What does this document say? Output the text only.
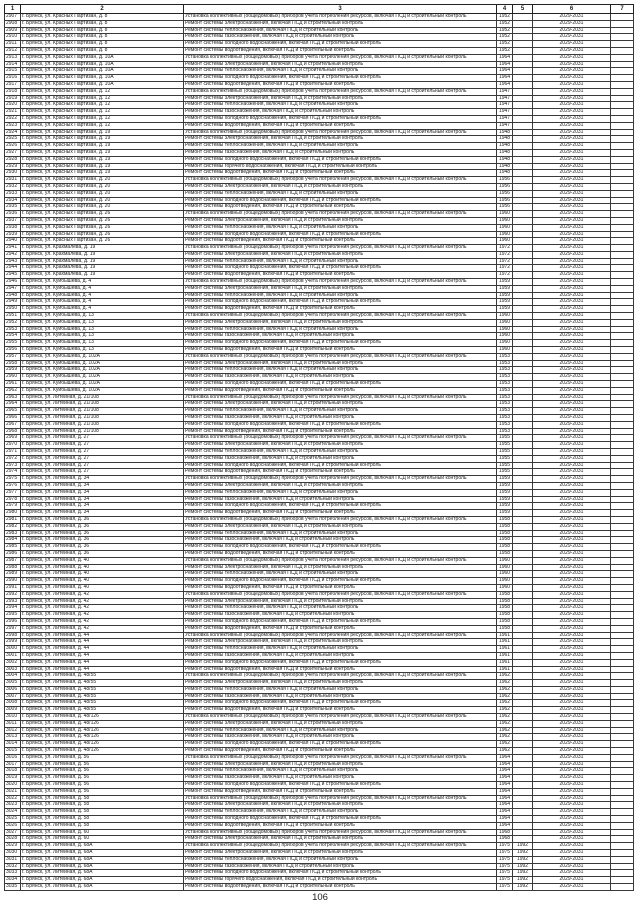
1	2	3	4	5	6	7
2907 г. Брянск, ул. Красных Партизан, д. 8	Установка коллективных (общедомовых) приборов учета потребления ресурсов, включая ПСД и строительный контроль	1952	2029-2031
2908 г. Брянск, ул. Красных Партизан, д. 8	Ремонт системы электроснабжения, включая ПСД и строительный контроль	1952	2029-2031
2909 г. Брянск, ул. Красных Партизан, д. 8	Ремонт системы теплоснабжения, включая ПСД и строительный контроль	1952	2029-2031
2910 г. Брянск, ул. Красных Партизан, д. 8	Ремонт системы газоснабжения, включая ПСД и строительный контроль	1952	2029-2031
2911	г. Брянск, ул. Красных Партизан, д. 8	Ремонт системы холодного водоснабжения, включая ПСД и строительный контроль	1952	2029-2031
2912 г. Брянск, ул. Красных Партизан, д. 8	Ремонт системы водоотведения, включая ПСД и строительный контроль	1952	2029-2031
2913 г. Брянск, ул. Красных Партизан, д. 10А	Установка коллективных (общедомовых) приборов учета потребления ресурсов, включая ПСД и строительный контроль	1964	2029-2031
2914 г. Брянск, ул. Красных Партизан, д. 10А	Ремонт системы электроснабжения, включая ПСД и строительный контроль	1964	2029-2031
2915 г. Брянск, ул. Красных Партизан, д. 10А	Ремонт системы теплоснабжения, включая ПСД и строительный контроль	1964	2029-2031
2916 г. Брянск, ул. Красных Партизан, д. 10А	Ремонт системы холодного водоснабжения, включая ПСД и строительный контроль	1964	2029-2031
2917 г. Брянск, ул. Красных Партизан, д. 10А	Ремонт системы водоотведения, включая ПСД и строительный контроль	1964	2029-2031
2918 г. Брянск, ул. Красных Партизан, д. 12	Установка коллективных (общедомовых) приборов учета потребления ресурсов, включая ПСД и строительный контроль	1947	2029-2031
2919 г. Брянск, ул. Красных Партизан, д. 12	Ремонт системы электроснабжения, включая ПСД и строительный контроль	1947	2029-2031
2920 г. Брянск, ул. Красных Партизан, д. 12	Ремонт системы теплоснабжения, включая ПСД и строительный контроль	1947	2029-2031
2921 г. Брянск, ул. Красных Партизан, д. 12	Ремонт системы газоснабжения, включая ПСД и строительный контроль	1947	2029-2031
2922 г. Брянск, ул. Красных Партизан, д. 12	Ремонт системы холодного водоснабжения, включая ПСД и строительный контроль	1947	2029-2031
2923 г. Брянск, ул. Красных Партизан, д. 12	Ремонт системы водоотведения, включая ПСД и строительный контроль	1947	2029-2031
2924 г. Брянск, ул. Красных Партизан, д. 19	Установка коллективных (общедомовых) приборов учета потребления ресурсов, включая ПСД и строительный контроль	1948	2029-2031
2925 г. Брянск, ул. Красных Партизан, д. 19	Ремонт системы электроснабжения, включая ПСД и строительный контроль	1948	2029-2031
2926 г. Брянск, ул. Красных Партизан, д. 19	Ремонт системы теплоснабжения, включая ПСД и строительный контроль	1948	2029-2031
2927 г. Брянск, ул. Красных Партизан, д. 19	Ремонт системы газоснабжения, включая ПСД и строительный контроль	1948	2029-2031
2928 г. Брянск, ул. Красных Партизан, д. 19	Ремонт системы холодного водоснабжения, включая ПСД и строительный контроль	1948	2029-2031
2929 г. Брянск, ул. Красных Партизан, д. 19	Ремонт системы горячего водоснабжения, включая ПСД и строительный контроль	1948	2029-2031
2930 г. Брянск, ул. Красных Партизан, д. 19	Ремонт системы водоотведения, включая ПСД и строительный контроль	1948	2029-2031
2931 г. Брянск, ул. Красных Партизан, д. 20	Установка коллективных (общедомовых) приборов учета потребления ресурсов, включая ПСД и строительный контроль	1956	2029-2031
2932 г. Брянск, ул. Красных Партизан, д. 20	Ремонт системы электроснабжения, включая ПСД и строительный контроль	1956	2029-2031
2933 г. Брянск, ул. Красных Партизан, д. 20	Ремонт системы теплоснабжения, включая ПСД и строительный контроль	1956	2029-2031
2934 г. Брянск, ул. Красных Партизан, д. 20	Ремонт системы холодного водоснабжения, включая ПСД и строительный контроль	1956	2029-2031
2935 г. Брянск, ул. Красных Партизан, д. 20	Ремонт системы водоотведения, включая ПСД и строительный контроль	1956	2029-2031
2936 г. Брянск, ул. Красных Партизан, д. 26	Установка коллективных (общедомовых) приборов учета потребления ресурсов, включая ПСД и строительный контроль	1960	2029-2031
2937 г. Брянск, ул. Красных Партизан, д. 26	Ремонт системы электроснабжения, включая ПСД и строительный контроль	1960	2029-2031
2938 г. Брянск, ул. Красных Партизан, д. 26	Ремонт системы теплоснабжения, включая ПСД и строительный контроль	1960	2029-2031
2939 г. Брянск, ул. Красных Партизан, д. 26	Ремонт системы холодного водоснабжения, включая ПСД и строительный контроль	1960	2029-2031
2940 г. Брянск, ул. Красных Партизан, д. 26	Ремонт системы водоотведения, включая ПСД и строительный контроль	1960	2029-2031
2941 г. Брянск, ул. Крахмалева, д. 19	Установка коллективных (общедомовых) приборов учета потребления ресурсов, включая ПСД и строительный контроль	1972	2029-2031
2942 г. Брянск, ул. Крахмалева, д. 19	Ремонт системы электроснабжения, включая ПСД и строительный контроль	1972	2029-2031
2943 г. Брянск, ул. Крахмалева, д. 19	Ремонт системы теплоснабжения, включая ПСД и строительный контроль	1972	2029-2031
2944 г. Брянск, ул. Крахмалева, д. 19	Ремонт системы холодного водоснабжения, включая ПСД и строительный контроль	1972	2029-2031
2945 г. Брянск, ул. Крахмалева, д. 19	Ремонт системы водоотведения, включая ПСД и строительный контроль	1972	2029-2031
2946 г. Брянск, ул. Куйбышева, д. 4	Установка коллективных (общедомовых) приборов учета потребления ресурсов, включая ПСД и строительный контроль	1959	2029-2031
2947 г. Брянск, ул. Куйбышева, д. 4	Ремонт системы электроснабжения, включая ПСД и строительный контроль	1959	2029-2031
2948 г. Брянск, ул. Куйбышева, д. 4	Ремонт системы теплоснабжения, включая ПСД и строительный контроль	1959	2029-2031
2949 г. Брянск, ул. Куйбышева, д. 4	Ремонт системы холодного водоснабжения, включая ПСД и строительный контроль	1959	2029-2031
2950 г. Брянск, ул. Куйбышева, д. 4	Ремонт системы водоотведения, включая ПСД и строительный контроль	1959	2029-2031
2951 г. Брянск, ул. Куйбышева, д. 13	Установка коллективных (общедомовых) приборов учета потребления ресурсов, включая ПСД и строительный контроль	1960	2029-2031
2952 г. Брянск, ул. Куйбышева, д. 13	Ремонт системы электроснабжения, включая ПСД и строительный контроль	1960	2029-2031
2953 г. Брянск, ул. Куйбышева, д. 13	Ремонт системы теплоснабжения, включая ПСД и строительный контроль	1960	2029-2031
2954 г. Брянск, ул. Куйбышева, д. 13	Ремонт системы газоснабжения, включая ПСД и строительный контроль	1960	2029-2031
2955 г. Брянск, ул. Куйбышева, д. 13	Ремонт системы холодного водоснабжения, включая ПСД и строительный контроль	1960	2029-2031
2956 г. Брянск, ул. Куйбышева, д. 13	Ремонт системы водоотведения, включая ПСД и строительный контроль	1960	2029-2031
2957 г. Брянск, ул. Куйбышева, д. 102А	Установка коллективных (общедомовых) приборов учета потребления ресурсов, включая ПСД и строительный контроль	1953	2029-2031
2958 г. Брянск, ул. Куйбышева, д. 102А	Ремонт системы электроснабжения, включая ПСД и строительный контроль	1953	2029-2031
2959 г. Брянск, ул. Куйбышева, д. 102А	Ремонт системы теплоснабжения, включая ПСД и строительный контроль	1953	2029-2031
2960 г. Брянск, ул. Куйбышева, д. 102А	Ремонт системы газоснабжения, включая ПСД и строительный контроль	1953	2029-2031
2961 г. Брянск, ул. Куйбышева, д. 102А	Ремонт системы холодного водоснабжения, включая ПСД и строительный контроль	1953	2029-2031
2962 г. Брянск, ул. Куйбышева, д. 102А	Ремонт системы водоотведения, включая ПСД и строительный контроль	1953	2029-2031
2963 г. Брянск, ул. Литейная, д. 21/108	Установка коллективных (общедомовых) приборов учета потребления ресурсов, включая ПСД и строительный контроль	1953	2029-2031
2964 г. Брянск, ул. Литейная, д. 21/108	Ремонт системы электроснабжения, включая ПСД и строительный контроль	1953	2029-2031
2965 г. Брянск, ул. Литейная, д. 21/108	Ремонт системы теплоснабжения, включая ПСД и строительный контроль	1953	2029-2031
2966 г. Брянск, ул. Литейная, д. 21/108	Ремонт системы газоснабжения, включая ПСД и строительный контроль	1953	2029-2031
2967 г. Брянск, ул. Литейная, д. 21/108	Ремонт системы холодного водоснабжения, включая ПСД и строительный контроль	1953	2029-2031
2968 г. Брянск, ул. Литейная, д. 21/108	Ремонт системы водоотведения, включая ПСД и строительный контроль	1953	2029-2031
2969 г. Брянск, ул. Литейная, д. 27	Установка коллективных (общедомовых) приборов учета потребления ресурсов, включая ПСД и строительный контроль	1955	2029-2031
2970 г. Брянск, ул. Литейная, д. 27	Ремонт системы электроснабжения, включая ПСД и строительный контроль	1955	2029-2031
2971 г. Брянск, ул. Литейная, д. 27	Ремонт системы теплоснабжения, включая ПСД и строительный контроль	1955	2029-2031
2972 г. Брянск, ул. Литейная, д. 27	Ремонт системы газоснабжения, включая ПСД и строительный контроль	1955	2029-2031
2973 г. Брянск, ул. Литейная, д. 27	Ремонт системы холодного водоснабжения, включая ПСД и строительный контроль	1955	2029-2031
2974 г. Брянск, ул. Литейная, д. 27	Ремонт системы водоотведения, включая ПСД и строительный контроль	1955	2029-2031
2975 г. Брянск, ул. Литейная, д. 34	Установка коллективных (общедомовых) приборов учета потребления ресурсов, включая ПСД и строительный контроль	1959	2029-2031
2976 г. Брянск, ул. Литейная, д. 34	Ремонт системы электроснабжения, включая ПСД и строительный контроль	1959	2029-2031
2977 г. Брянск, ул. Литейная, д. 34	Ремонт системы теплоснабжения, включая ПСД и строительный контроль	1959	2029-2031
2978 г. Брянск, ул. Литейная, д. 34	Ремонт системы газоснабжения, включая ПСД и строительный контроль	1959	2029-2031
2979 г. Брянск, ул. Литейная, д. 34	Ремонт системы холодного водоснабжения, включая ПСД и строительный контроль	1959	2029-2031
2980 г. Брянск, ул. Литейная, д. 34	Ремонт системы водоотведения, включая ПСД и строительный контроль	1959	2029-2031
2981 г. Брянск, ул. Литейная, д. 36	Установка коллективных (общедомовых) приборов учета потребления ресурсов, включая ПСД и строительный контроль	1958	2029-2031
2982 г. Брянск, ул. Литейная, д. 36	Ремонт системы электроснабжения, включая ПСД и строительный контроль	1958	2029-2031
2983 г. Брянск, ул. Литейная, д. 36	Ремонт системы теплоснабжения, включая ПСД и строительный контроль	1958	2029-2031
2984 г. Брянск, ул. Литейная, д. 36	Ремонт системы газоснабжения, включая ПСД и строительный контроль	1958	2029-2031
2985 г. Брянск, ул. Литейная, д. 36	Ремонт системы холодного водоснабжения, включая ПСД и строительный контроль	1958	2029-2031
2986 г. Брянск, ул. Литейная, д. 36	Ремонт системы водоотведения, включая ПСД и строительный контроль	1958	2029-2031
2987 г. Брянск, ул. Литейная, д. 40	Установка коллективных (общедомовых) приборов учета потребления ресурсов, включая ПСД и строительный контроль	1960	2029-2031
2988 г. Брянск, ул. Литейная, д. 40	Ремонт системы электроснабжения, включая ПСД и строительный контроль	1960	2029-2031
2989 г. Брянск, ул. Литейная, д. 40	Ремонт системы теплоснабжения, включая ПСД и строительный контроль	1960	2029-2031
2990 г. Брянск, ул. Литейная, д. 40	Ремонт системы холодного водоснабжения, включая ПСД и строительный контроль	1960	2029-2031
2991 г. Брянск, ул. Литейная, д. 40	Ремонт системы водоотведения, включая ПСД и строительный контроль	1960	2029-2031
2992 г. Брянск, ул. Литейная, д. 42	Установка коллективных (общедомовых) приборов учета потребления ресурсов, включая ПСД и строительный контроль	1958	2029-2031
2993 г. Брянск, ул. Литейная, д. 42	Ремонт системы электроснабжения, включая ПСД и строительный контроль	1958	2029-2031
2994 г. Брянск, ул. Литейная, д. 42	Ремонт системы теплоснабжения, включая ПСД и строительный контроль	1958	2029-2031
2995 г. Брянск, ул. Литейная, д. 42	Ремонт системы газоснабжения, включая ПСД и строительный контроль	1958	2029-2031
2996 г. Брянск, ул. Литейная, д. 42	Ремонт системы холодного водоснабжения, включая ПСД и строительный контроль	1958	2029-2031
2997 г. Брянск, ул. Литейная, д. 42	Ремонт системы водоотведения, включая ПСД и строительный контроль	1958	2029-2031
2998 г. Брянск, ул. Литейная, д. 44	Установка коллективных (общедомовых) приборов учета потребления ресурсов, включая ПСД и строительный контроль	1961	2029-2031
2999 г. Брянск, ул. Литейная, д. 44	Ремонт системы электроснабжения, включая ПСД и строительный контроль	1961	2029-2031
3000 г. Брянск, ул. Литейная, д. 44	Ремонт системы теплоснабжения, включая ПСД и строительный контроль	1961	2029-2031
3001 г. Брянск, ул. Литейная, д. 44	Ремонт системы газоснабжения, включая ПСД и строительный контроль	1961	2029-2031
3002 г. Брянск, ул. Литейная, д. 44	Ремонт системы холодного водоснабжения, включая ПСД и строительный контроль	1961	2029-2031
3003 г. Брянск, ул. Литейная, д. 44	Ремонт системы водоотведения, включая ПСД и строительный контроль	1961	2029-2031
3004 г. Брянск, ул. Литейная, д. 48/55	Установка коллективных (общедомовых) приборов учета потребления ресурсов, включая ПСД и строительный контроль	1962	2029-2031
3005 г. Брянск, ул. Литейная, д. 48/55	Ремонт системы электроснабжения, включая ПСД и строительный контроль	1962	2029-2031
3006 г. Брянск, ул. Литейная, д. 48/55	Ремонт системы теплоснабжения, включая ПСД и строительный контроль	1962	2029-2031
3007 г. Брянск, ул. Литейная, д. 48/55	Ремонт системы газоснабжения, включая ПСД и строительный контроль	1962	2029-2031
3008 г. Брянск, ул. Литейная, д. 48/55	Ремонт системы холодного водоснабжения, включая ПСД и строительный контроль	1962	2029-2031
3009 г. Брянск, ул. Литейная, д. 48/55	Ремонт системы водоотведения, включая ПСД и строительный контроль	1962	2029-2031
3010 г. Брянск, ул. Литейная, д. 48/126	Установка коллективных (общедомовых) приборов учета потребления ресурсов, включая ПСД и строительный контроль	1962	2029-2031
3011	г. Брянск, ул. Литейная, д. 48/126	Ремонт системы электроснабжения, включая ПСД и строительный контроль	1962	2029-2031
3012 г. Брянск, ул. Литейная, д. 48/126	Ремонт системы теплоснабжения, включая ПСД и строительный контроль	1962	2029-2031
3013 г. Брянск, ул. Литейная, д. 48/126	Ремонт системы газоснабжения, включая ПСД и строительный контроль	1962	2029-2031
3014 г. Брянск, ул. Литейная, д. 48/126	Ремонт системы холодного водоснабжения, включая ПСД и строительный контроль	1962	2029-2031
3015 г. Брянск, ул. Литейная, д. 48/126	Ремонт системы водоотведения, включая ПСД и строительный контроль	1962	2029-2031
3016 г. Брянск, ул. Литейная, д. 56	Установка коллективных (общедомовых) приборов учета потребления ресурсов, включая ПСД и строительный контроль	1964	2029-2031
3017 г. Брянск, ул. Литейная, д. 56	Ремонт системы электроснабжения, включая ПСД и строительный контроль	1964	2029-2031
3018 г. Брянск, ул. Литейная, д. 56	Ремонт системы теплоснабжения, включая ПСД и строительный контроль	1964	2029-2031
3019 г. Брянск, ул. Литейная, д. 56	Ремонт системы газоснабжения, включая ПСД и строительный контроль	1964	2029-2031
3020 г. Брянск, ул. Литейная, д. 56	Ремонт системы холодного водоснабжения, включая ПСД и строительный контроль	1964	2029-2031
3021 г. Брянск, ул. Литейная, д. 56	Ремонт системы водоотведения, включая ПСД и строительный контроль	1964	2029-2031
3022 г. Брянск, ул. Литейная, д. 58	Установка коллективных (общедомовых) приборов учета потребления ресурсов, включая ПСД и строительный контроль	1964	2029-2031
3023 г. Брянск, ул. Литейная, д. 58	Ремонт системы электроснабжения, включая ПСД и строительный контроль	1964	2029-2031
3024 г. Брянск, ул. Литейная, д. 58	Ремонт системы теплоснабжения, включая ПСД и строительный контроль	1964	2029-2031
3025 г. Брянск, ул. Литейная, д. 58	Ремонт системы холодного водоснабжения, включая ПСД и строительный контроль	1964	2029-2031
3026 г. Брянск, ул. Литейная, д. 58	Ремонт системы водоотведения, включая ПСД и строительный контроль	1964	2029-2031
3027 г. Брянск, ул. Литейная, д. 60	Установка коллективных (общедомовых) приборов учета потребления ресурсов, включая ПСД и строительный контроль	1968	2029-2031
3028 г. Брянск, ул. Литейная, д. 60	Ремонт системы электроснабжения, включая ПСД и строительный контроль	1968	2029-2031
3029 г. Брянск, ул. Литейная, д. 68А	Установка коллективных (общедомовых) приборов учета потребления ресурсов, включая ПСД и строительный контроль	1975	1992	2029-2031
3030 г. Брянск, ул. Литейная, д. 68А	Ремонт системы электроснабжения, включая ПСД и строительный контроль	1975	1992	2029-2031
3031 г. Брянск, ул. Литейная, д. 68А	Ремонт системы теплоснабжения, включая ПСД и строительный контроль	1975	1992	2029-2031
3032 г. Брянск, ул. Литейная, д. 68А	Ремонт системы газоснабжения, включая ПСД и строительный контроль	1975	1992	2029-2031
3033 г. Брянск, ул. Литейная, д. 68А	Ремонт системы холодного водоснабжения, включая ПСД и строительный контроль	1975	1992	2029-2031
3034 г. Брянск, ул. Литейная, д. 68А	Ремонт системы горячего водоснабжения, включая ПСД и строительный контроль	1975	1992	2029-2031
3035 г. Брянск, ул. Литейная, д. 68А	Ремонт системы водоотведения, включая ПСД и строительный контроль	1975	1992	2029-2031
106
